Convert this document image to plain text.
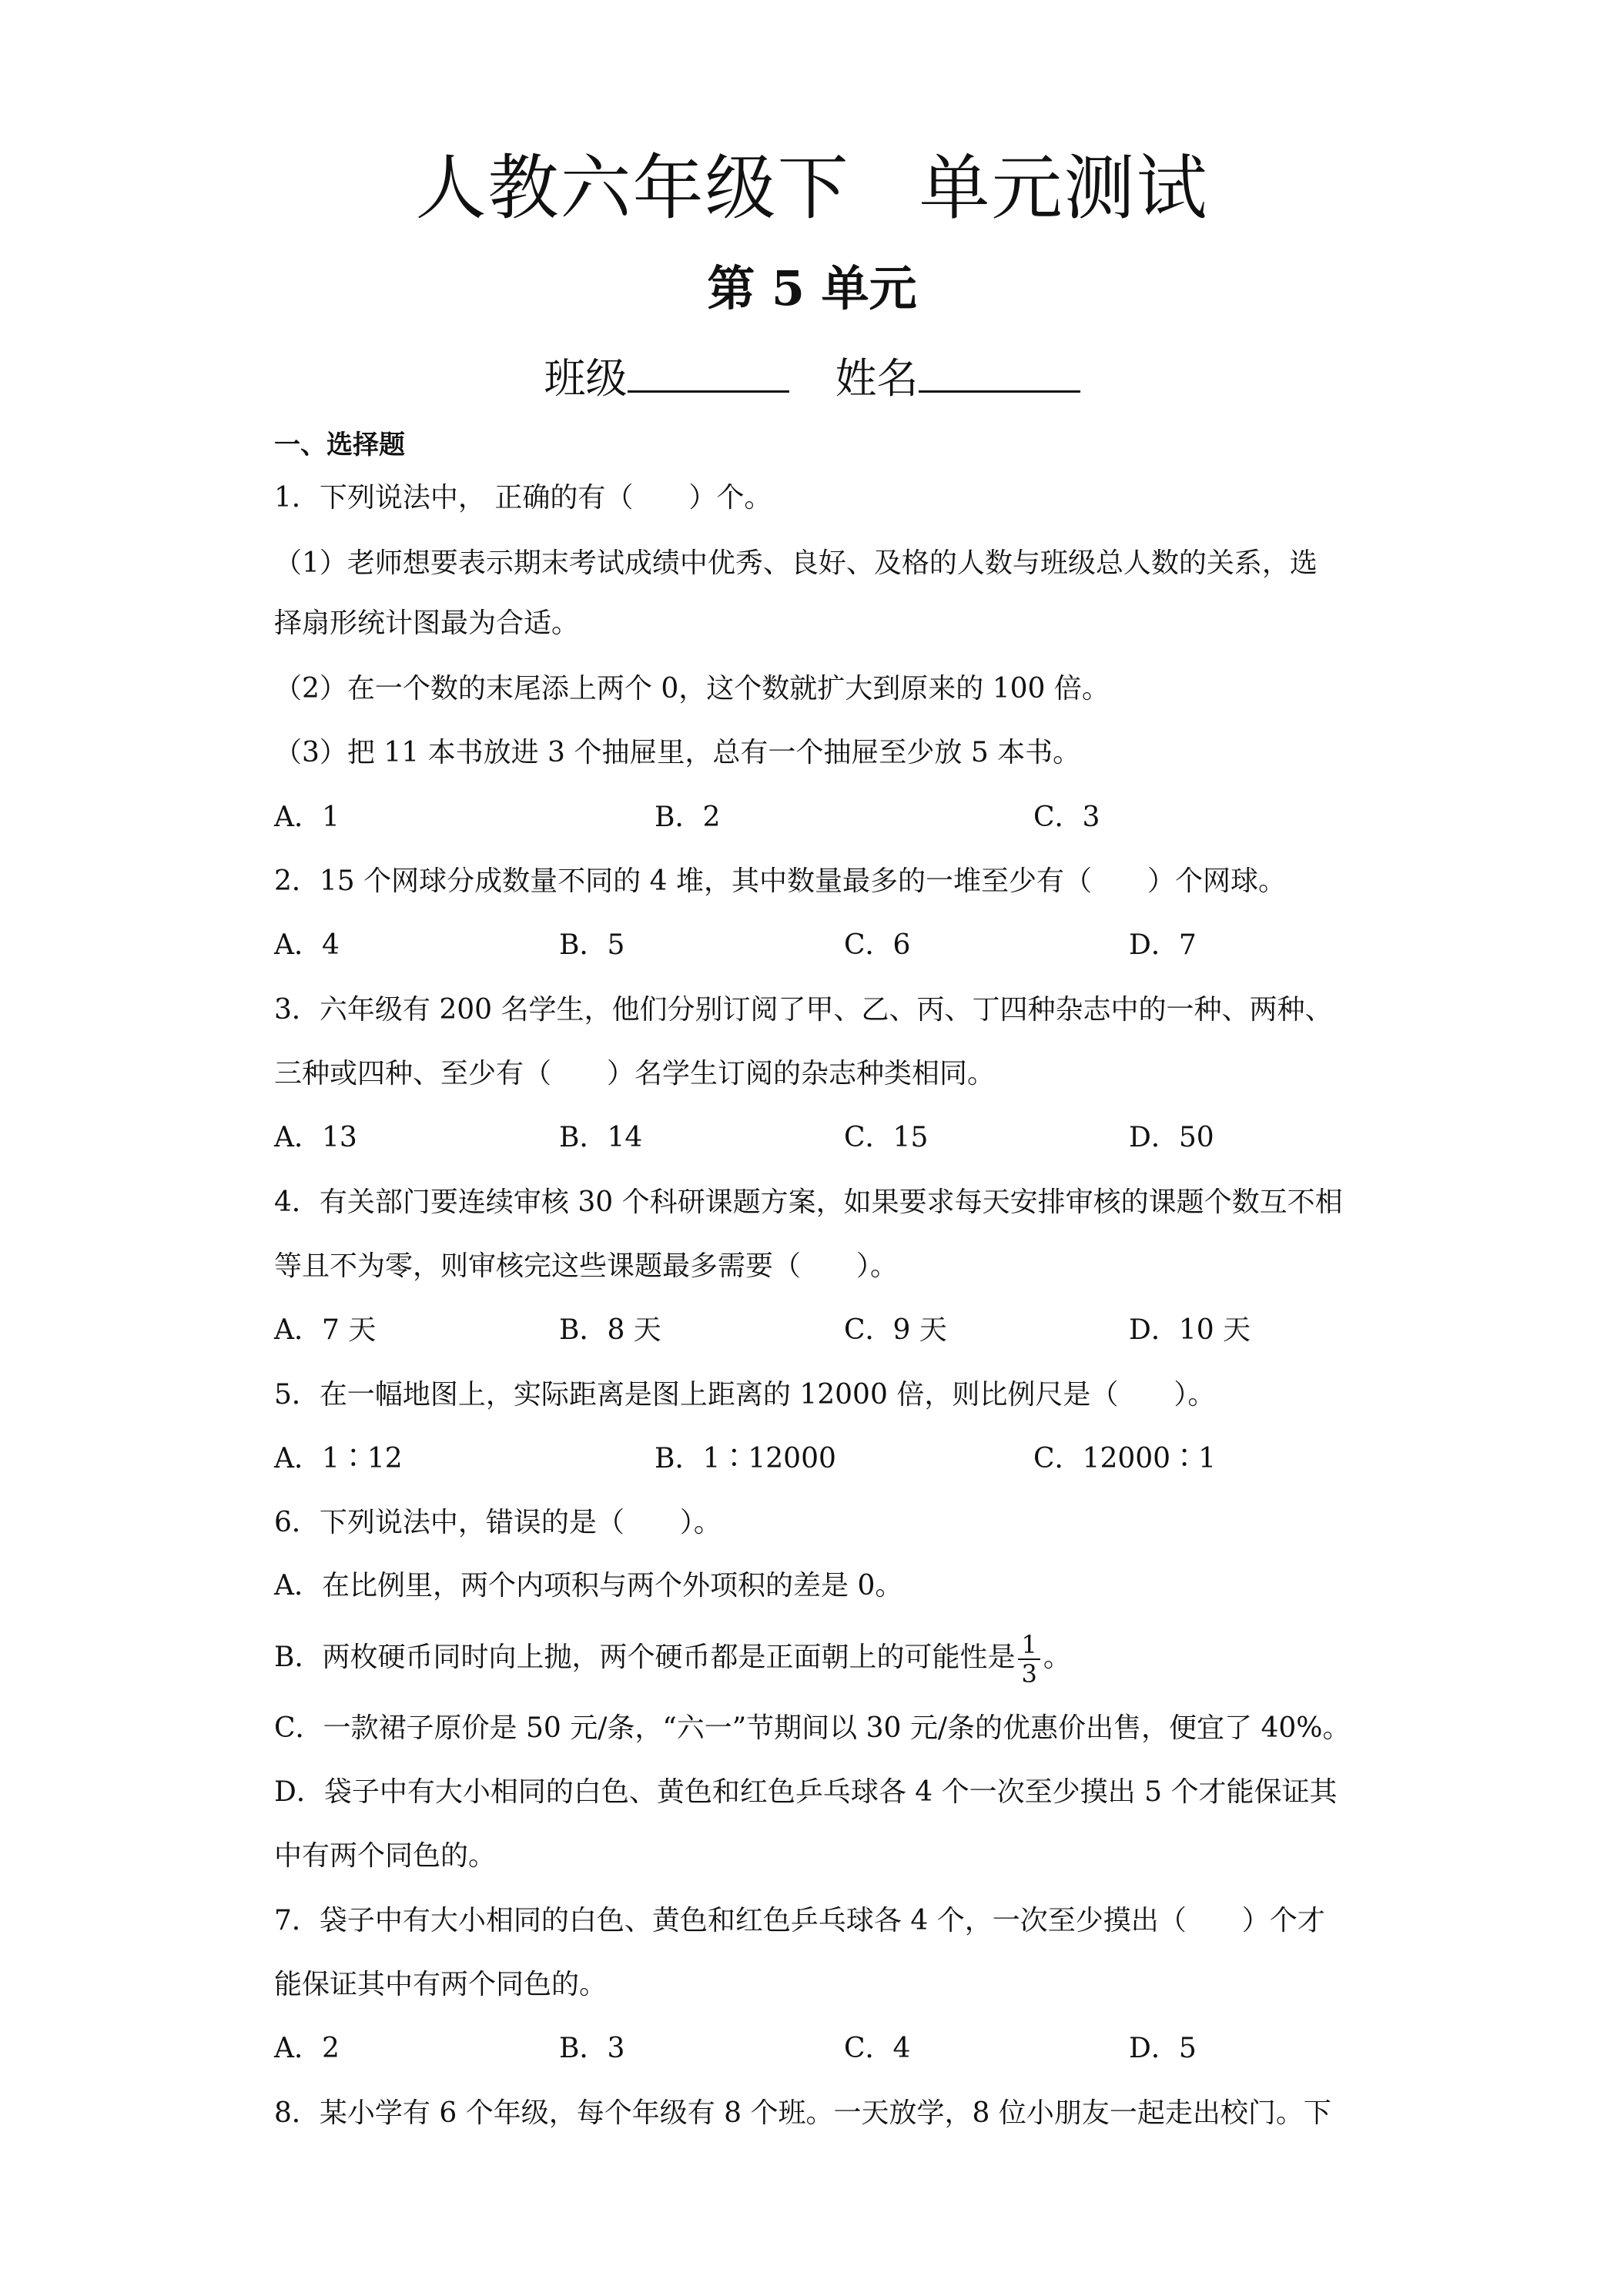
人教六年级下 单元测试
第 5 单元
班级	姓名
一、选择题
1．下列说法中， 正确的有（　　）个。
（1）老师想要表示期末考试成绩中优秀、良好、及格的人数与班级总人数的关系，选
择扇形统计图最为合适。
（2）在一个数的末尾添上两个 0，这个数就扩大到原来的 100 倍。
（3）把 11 本书放进 3 个抽屉里，总有一个抽屉至少放 5 本书。
A．1	B．2	C．3
2．15 个网球分成数量不同的 4 堆，其中数量最多的一堆至少有（　　）个网球。
A．4	B．5	C．6	D．7
3．六年级有 200 名学生，他们分别订阅了甲、乙、丙、丁四种杂志中的一种、两种、
三种或四种、至少有（　　）名学生订阅的杂志种类相同。
A．13	B．14	C．15	D．50
4．有关部门要连续审核 30 个科研课题方案，如果要求每天安排审核的课题个数互不相
等且不为零，则审核完这些课题最多需要（　　）。
A．7 天	B．8 天	C．9 天	D．10 天
5．在一幅地图上，实际距离是图上距离的 12000 倍，则比例尺是（　　）。
A．1∶12	B．1∶12000	C．12000∶1
6．下列说法中，错误的是（　　）。
A．在比例里，两个内项积与两个外项积的差是 0。
B．两枚硬币同时向上抛，两个硬币都是正面朝上的可能性是 $\frac{1}{3}$ 。
C．一款裙子原价是 50 元/条，“六一”节期间以 30 元/条的优惠价出售，便宜了 40%。
D．袋子中有大小相同的白色、黄色和红色乒乓球各 4 个一次至少摸出 5 个才能保证其
中有两个同色的。
7．袋子中有大小相同的白色、黄色和红色乒乓球各 4 个，一次至少摸出（　　）个才
能保证其中有两个同色的。
A．2	B．3	C．4	D．5
8．某小学有 6 个年级，每个年级有 8 个班。一天放学，8 位小朋友一起走出校门。下
